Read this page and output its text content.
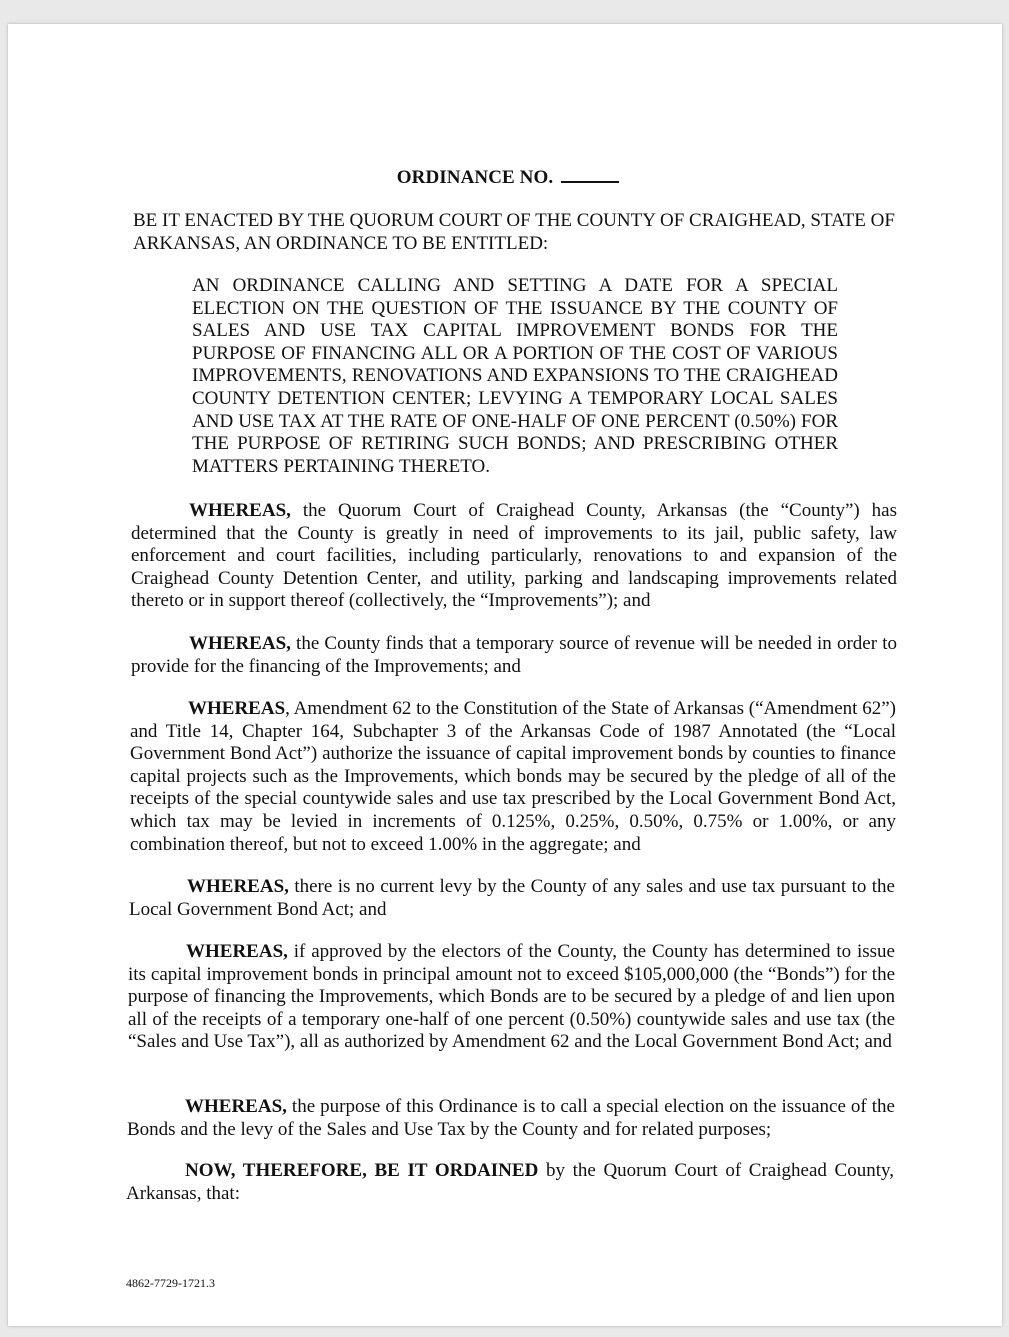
ORDINANCE NO.
BE IT ENACTED BY THE QUORUM COURT OF THE COUNTY OF CRAIGHEAD, STATE OF ARKANSAS, AN ORDINANCE TO BE ENTITLED:
AN ORDINANCE CALLING AND SETTING A DATE FOR A SPECIAL ELECTION ON THE QUESTION OF THE ISSUANCE BY THE COUNTY OF SALES AND USE TAX CAPITAL IMPROVEMENT BONDS FOR THE PURPOSE OF FINANCING ALL OR A PORTION OF THE COST OF VARIOUS IMPROVEMENTS, RENOVATIONS AND EXPANSIONS TO THE CRAIGHEAD COUNTY DETENTION CENTER; LEVYING A TEMPORARY LOCAL SALES AND USE TAX AT THE RATE OF ONE-HALF OF ONE PERCENT (0.50%) FOR THE PURPOSE OF RETIRING SUCH BONDS; AND PRESCRIBING OTHER MATTERS PERTAINING THERETO.
WHEREAS, the Quorum Court of Craighead County, Arkansas (the “County”) has determined that the County is greatly in need of improvements to its jail, public safety, law enforcement and court facilities, including particularly, renovations to and expansion of the Craighead County Detention Center, and utility, parking and landscaping improvements related thereto or in support thereof (collectively, the “Improvements”); and
WHEREAS, the County finds that a temporary source of revenue will be needed in order to provide for the financing of the Improvements; and
WHEREAS, Amendment 62 to the Constitution of the State of Arkansas (“Amendment 62”) and Title 14, Chapter 164, Subchapter 3 of the Arkansas Code of 1987 Annotated (the “Local Government Bond Act”) authorize the issuance of capital improvement bonds by counties to finance capital projects such as the Improvements, which bonds may be secured by the pledge of all of the receipts of the special countywide sales and use tax prescribed by the Local Government Bond Act, which tax may be levied in increments of 0.125%, 0.25%, 0.50%, 0.75% or 1.00%, or any combination thereof, but not to exceed 1.00% in the aggregate; and
WHEREAS, there is no current levy by the County of any sales and use tax pursuant to the Local Government Bond Act; and
WHEREAS, if approved by the electors of the County, the County has determined to issue its capital improvement bonds in principal amount not to exceed $105,000,000 (the “Bonds”) for the purpose of financing the Improvements, which Bonds are to be secured by a pledge of and lien upon all of the receipts of a temporary one-half of one percent (0.50%) countywide sales and use tax (the “Sales and Use Tax”), all as authorized by Amendment 62 and the Local Government Bond Act; and
WHEREAS, the purpose of this Ordinance is to call a special election on the issuance of the Bonds and the levy of the Sales and Use Tax by the County and for related purposes;
NOW, THEREFORE, BE IT ORDAINED by the Quorum Court of Craighead County, Arkansas, that:
4862-7729-1721.3
